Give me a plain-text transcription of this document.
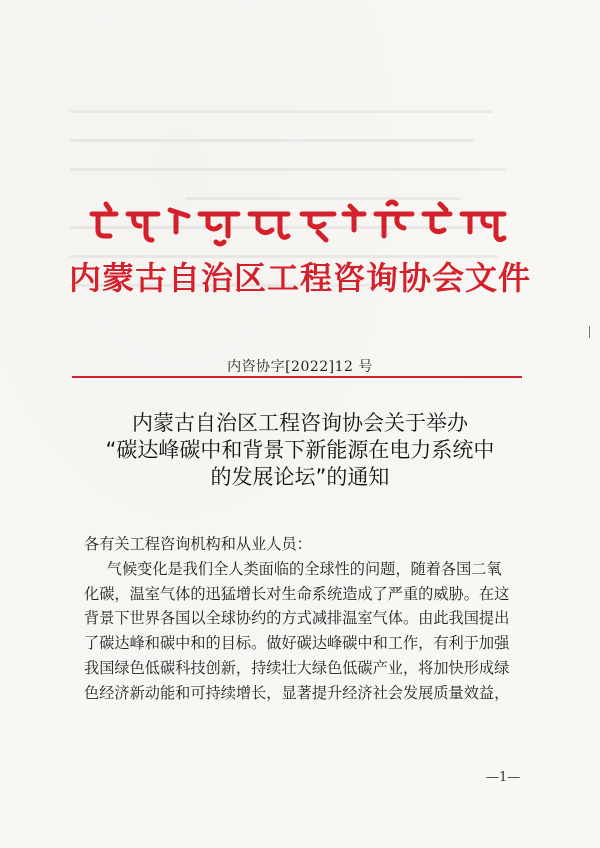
内蒙古自治区工程咨询协会文件
内咨协字[2022]12 号
内蒙古自治区工程咨询协会关于举办
“碳达峰碳中和背景下新能源在电力系统中
的发展论坛”的通知
各有关工程咨询机构和从业人员：
气候变化是我们全人类面临的全球性的问题，随着各国二氧
化碳，温室气体的迅猛增长对生命系统造成了严重的威胁。在这
背景下世界各国以全球协约的方式减排温室气体。由此我国提出
了碳达峰和碳中和的目标。做好碳达峰碳中和工作，有利于加强
我国绿色低碳科技创新，持续壮大绿色低碳产业，将加快形成绿
色经济新动能和可持续增长，显著提升经济社会发展质量效益，
—1—
